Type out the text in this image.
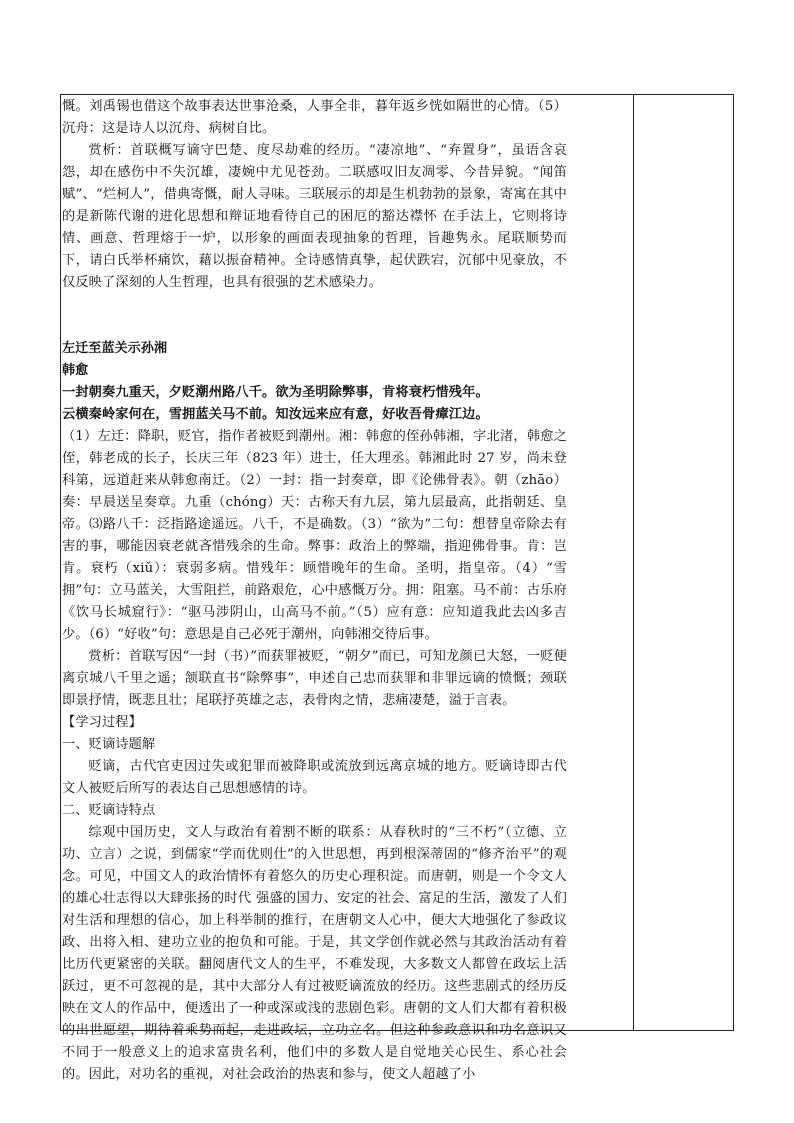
慨。刘禹锡也借这个故事表达世事沧桑，人事全非，暮年返乡恍如隔世的心情。（5）沉舟：这是诗人以沉舟、病树自比。

赏析：首联概写谪守巴楚、度尽劫难的经历。“凄凉地”、“弃置身”，虽语含哀怨，却在感伤中不失沉雄，凄婉中尤见苍劲。二联感叹旧友凋零、今昔异貌。“闻笛赋”、“烂柯人”，借典寄慨，耐人寻味。三联展示的却是生机勃勃的景象，寄寓在其中的是新陈代谢的进化思想和辩证地看待自己的困厄的豁达襟怀 在手法上，它则将诗情、画意、哲理熔于一炉，以形象的画面表现抽象的哲理，旨趣隽永。尾联顺势而下，请白氏举杯痛饮，藉以振奋精神。全诗感情真挚，起伏跌宕，沉郁中见豪放，不仅反映了深刻的人生哲理，也具有很强的艺术感染力。

左迁至蓝关示孙湘

韩愈

一封朝奏九重天，夕贬潮州路八千。欲为圣明除弊事，肯将衰朽惜残年。

云横秦岭家何在，雪拥蓝关马不前。知汝远来应有意，好收吾骨瘴江边。

（1）左迁：降职，贬官，指作者被贬到潮州。湘：韩愈的侄孙韩湘，字北渚，韩愈之侄，韩老成的长子，长庆三年（823 年）进士，任大理丞。韩湘此时 27 岁，尚未登科第，远道赶来从韩愈南迁。（2）一封：指一封奏章，即《论佛骨表》。朝（zhāo）奏：早晨送呈奏章。九重（chóng）天：古称天有九层，第九层最高，此指朝廷、皇帝。⑶路八千：泛指路途遥远。八千，不是确数。（3）“欲为”二句：想替皇帝除去有害的事，哪能因衰老就吝惜残余的生命。弊事：政治上的弊端，指迎佛骨事。肯：岂肯。衰朽（xiǔ）：衰弱多病。惜残年：顾惜晚年的生命。圣明，指皇帝。（4）“雪拥”句：立马蓝关，大雪阻拦，前路艰危，心中感慨万分。拥：阻塞。马不前：古乐府《饮马长城窟行》：“驱马涉阴山，山高马不前。”（5）应有意：应知道我此去凶多吉少。（6）“好收”句：意思是自己必死于潮州，向韩湘交待后事。

赏析：首联写因“一封（书）”而获罪被贬，“朝夕”而已，可知龙颜已大怒，一贬便离京城八千里之遥；颔联直书“除弊事”，申述自己忠而获罪和非罪远谪的愤慨；颈联即景抒情，既悲且壮；尾联抒英雄之志，表骨肉之情，悲痛凄楚，溢于言表。

【学习过程】

一、贬谪诗题解

贬谪，古代官吏因过失或犯罪而被降职或流放到远离京城的地方。贬谪诗即古代文人被贬后所写的表达自己思想感情的诗。

二、贬谪诗特点

综观中国历史，文人与政治有着割不断的联系：从春秋时的“三不朽”（立德、立功、立言）之说，到儒家“学而优则仕”的入世思想，再到根深蒂固的“修齐治平”的观念。可见，中国文人的政治情怀有着悠久的历史心理积淀。而唐朝，则是一个令文人的雄心壮志得以大肆张扬的时代 强盛的国力、安定的社会、富足的生活，激发了人们对生活和理想的信心，加上科举制的推行，在唐朝文人心中，便大大地强化了参政议政、出将入相、建功立业的抱负和可能。于是，其文学创作就必然与其政治活动有着比历代更紧密的关联。翻阅唐代文人的生平，不难发现，大多数文人都曾在政坛上活跃过，更不可忽视的是，其中大部分人有过被贬谪流放的经历。这些悲剧式的经历反映在文人的作品中，便透出了一种或深或浅的悲剧色彩。唐朝的文人们大都有着积极的出世愿望，期待着乘势而起，走进政坛，立功立名。但这种参政意识和功名意识又不同于一般意义上的追求富贵名利，他们中的多数人是自觉地关心民生、系心社会的。因此，对功名的重视，对社会政治的热衷和参与，使文人超越了小
